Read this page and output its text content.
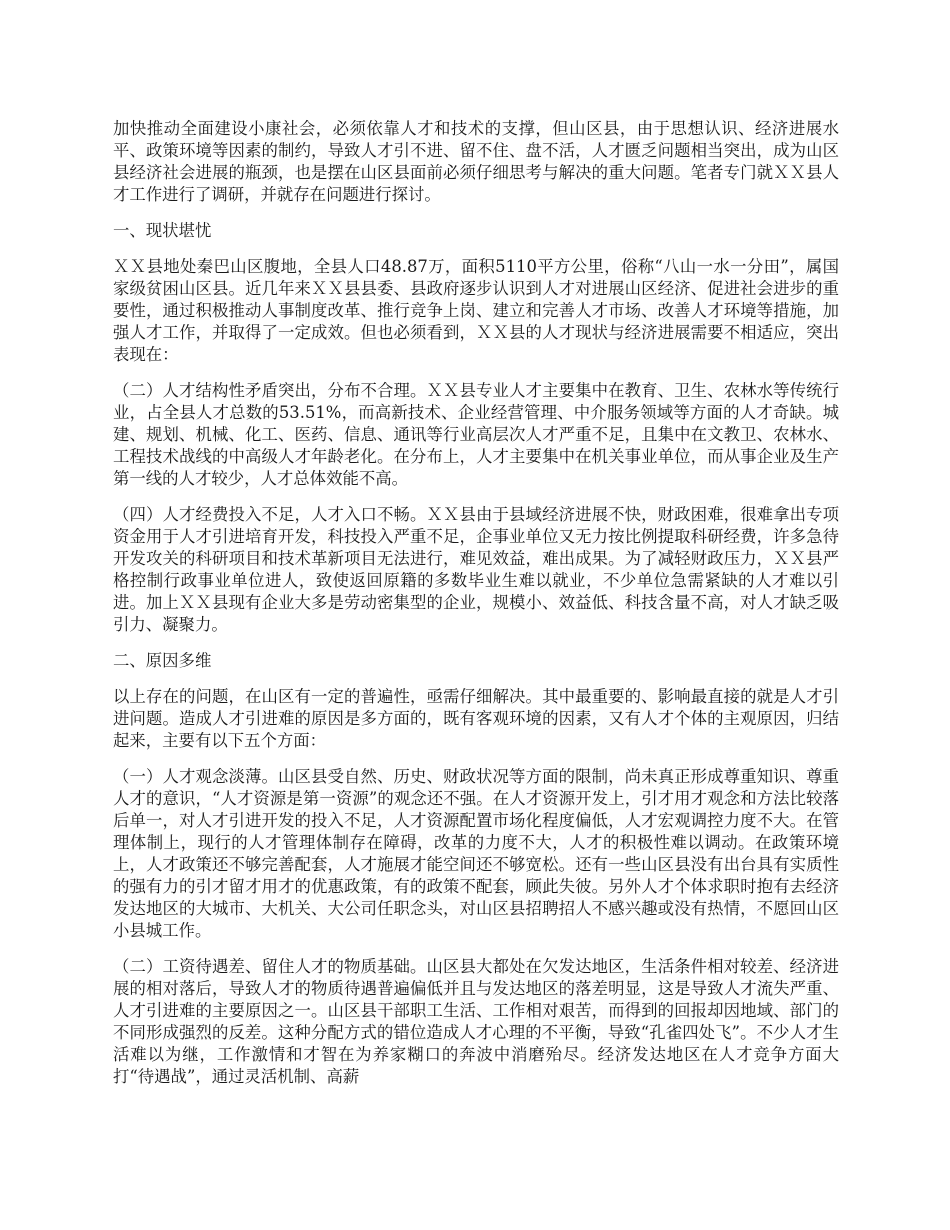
加快推动全面建设小康社会，必须依靠人才和技术的支撑，但山区县，由于思想认识、经济进展水平、政策环境等因素的制约，导致人才引不进、留不住、盘不活，人才匮乏问题相当突出，成为山区县经济社会进展的瓶颈，也是摆在山区县面前必须仔细思考与解决的重大问题。笔者专门就ＸＸ县人才工作进行了调研，并就存在问题进行探讨。

一、现状堪忧

ＸＸ县地处秦巴山区腹地，全县人口48.87万，面积5110平方公里，俗称“八山一水一分田”，属国家级贫困山区县。近几年来ＸＸ县县委、县政府逐步认识到人才对进展山区经济、促进社会进步的重要性，通过积极推动人事制度改革、推行竞争上岗、建立和完善人才市场、改善人才环境等措施，加强人才工作，并取得了一定成效。但也必须看到，ＸＸ县的人才现状与经济进展需要不相适应，突出表现在：

（二）人才结构性矛盾突出，分布不合理。ＸＸ县专业人才主要集中在教育、卫生、农林水等传统行业，占全县人才总数的53.51%，而高新技术、企业经营管理、中介服务领域等方面的人才奇缺。城建、规划、机械、化工、医药、信息、通讯等行业高层次人才严重不足，且集中在文教卫、农林水、工程技术战线的中高级人才年龄老化。在分布上，人才主要集中在机关事业单位，而从事企业及生产第一线的人才较少，人才总体效能不高。

（四）人才经费投入不足，人才入口不畅。ＸＸ县由于县域经济进展不快，财政困难，很难拿出专项资金用于人才引进培育开发，科技投入严重不足，企事业单位又无力按比例提取科研经费，许多急待开发攻关的科研项目和技术革新项目无法进行，难见效益，难出成果。为了减轻财政压力，ＸＸ县严格控制行政事业单位进人，致使返回原籍的多数毕业生难以就业，不少单位急需紧缺的人才难以引进。加上ＸＸ县现有企业大多是劳动密集型的企业，规模小、效益低、科技含量不高，对人才缺乏吸引力、凝聚力。

二、原因多维

以上存在的问题，在山区有一定的普遍性，亟需仔细解决。其中最重要的、影响最直接的就是人才引进问题。造成人才引进难的原因是多方面的，既有客观环境的因素，又有人才个体的主观原因，归结起来，主要有以下五个方面：

（一）人才观念淡薄。山区县受自然、历史、财政状况等方面的限制，尚未真正形成尊重知识、尊重人才的意识，“人才资源是第一资源”的观念还不强。在人才资源开发上，引才用才观念和方法比较落后单一，对人才引进开发的投入不足，人才资源配置市场化程度偏低，人才宏观调控力度不大。在管理体制上，现行的人才管理体制存在障碍，改革的力度不大，人才的积极性难以调动。在政策环境上，人才政策还不够完善配套，人才施展才能空间还不够宽松。还有一些山区县没有出台具有实质性的强有力的引才留才用才的优惠政策，有的政策不配套，顾此失彼。另外人才个体求职时抱有去经济发达地区的大城市、大机关、大公司任职念头，对山区县招聘招人不感兴趣或没有热情，不愿回山区小县城工作。

（二）工资待遇差、留住人才的物质基础。山区县大都处在欠发达地区，生活条件相对较差、经济进展的相对落后，导致人才的物质待遇普遍偏低并且与发达地区的落差明显，这是导致人才流失严重、人才引进难的主要原因之一。山区县干部职工生活、工作相对艰苦，而得到的回报却因地域、部门的不同形成强烈的反差。这种分配方式的错位造成人才心理的不平衡，导致“孔雀四处飞”。不少人才生活难以为继，工作激情和才智在为养家糊口的奔波中消磨殆尽。经济发达地区在人才竞争方面大打“待遇战”，通过灵活机制、高薪
